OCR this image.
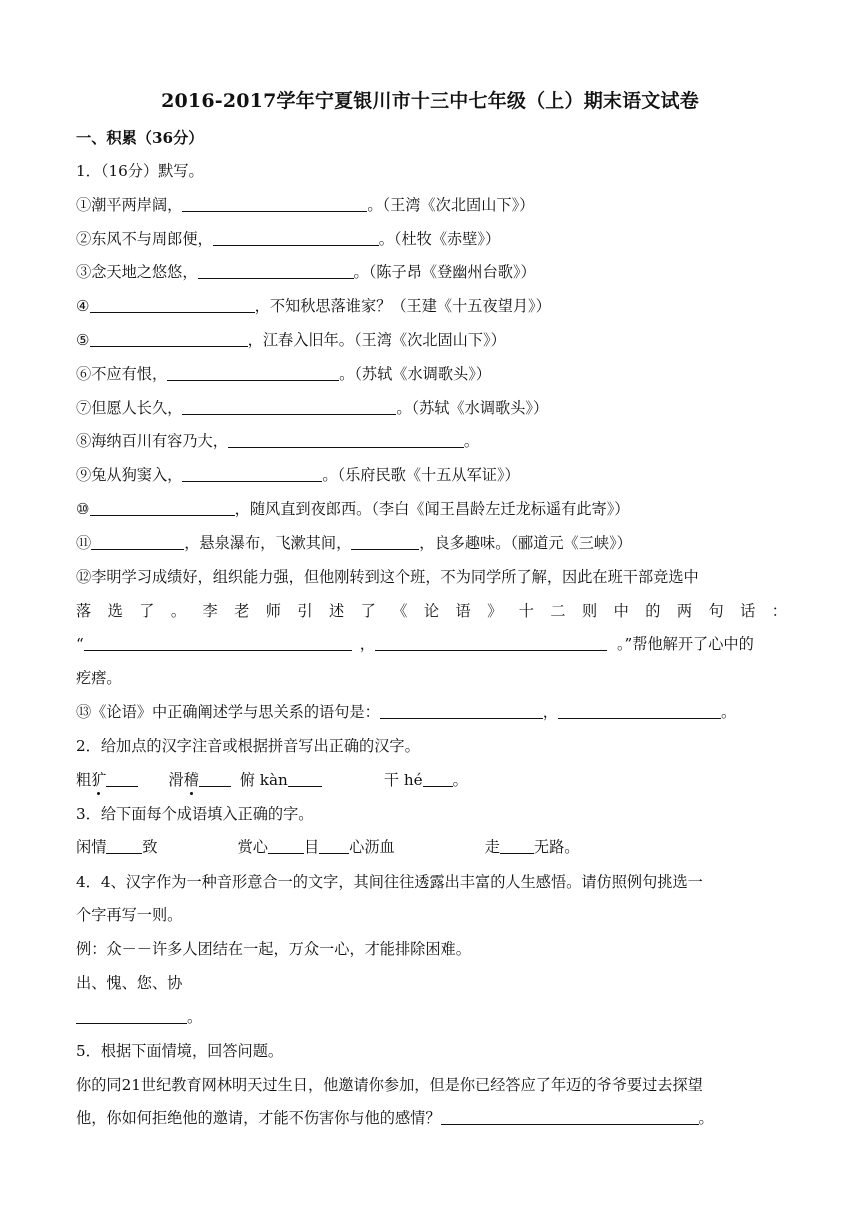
2016-2017学年宁夏银川市十三中七年级（上）期末语文试卷
一、积累（36分）
1．（16分）默写。
①潮平两岸阔，	。（王湾《次北固山下》）
②东风不与周郎便，	。（杜牧《赤壁》）
③念天地之悠悠，	。（陈子昂《登幽州台歌》）
④	，不知秋思落谁家？（王建《十五夜望月》）
⑤	，江春入旧年。（王湾《次北固山下》）
⑥不应有恨，	。（苏轼《水调歌头》）
⑦但愿人长久，	。（苏轼《水调歌头》）
⑧海纳百川有容乃大，	。
⑨兔从狗窦入，	。（乐府民歌《十五从军证》）
⑩	，随风直到夜郎西。（李白《闻王昌龄左迁龙标遥有此寄》）
⑪	，悬泉瀑布，飞漱其间，	，良多趣味。（郦道元《三峡》）
⑫李明学习成绩好，组织能力强，但他刚转到这个班，不为同学所了解，因此在班干部竞选中
落 选 了 。 李 老 师 引 述 了 《 论 语 》 十 二 则 中 的 两 句 话 ：
“	，	。”帮他解开了心中的
疙瘩。
⑬《论语》中正确阐述学与思关系的语句是：	，	。
2．给加点的汉字注音或根据拼音写出正确的汉字。
粗犷	滑稽	俯 kàn	干 hé 。
3．给下面每个成语填入正确的字。
闲情 致	赏心 目 心沥血	走 无路。
4．4、汉字作为一种音形意合一的文字，其间往往透露出丰富的人生感悟。请仿照例句挑选一
个字再写一则。
例：众－－许多人团结在一起，万众一心，才能排除困难。
出、愧、您、协
。
5．根据下面情境，回答问题。
你的同21世纪教育网林明天过生日，他邀请你参加，但是你已经答应了年迈的爷爷要过去探望
他，你如何拒绝他的邀请，才能不伤害你与他的感情？	。
